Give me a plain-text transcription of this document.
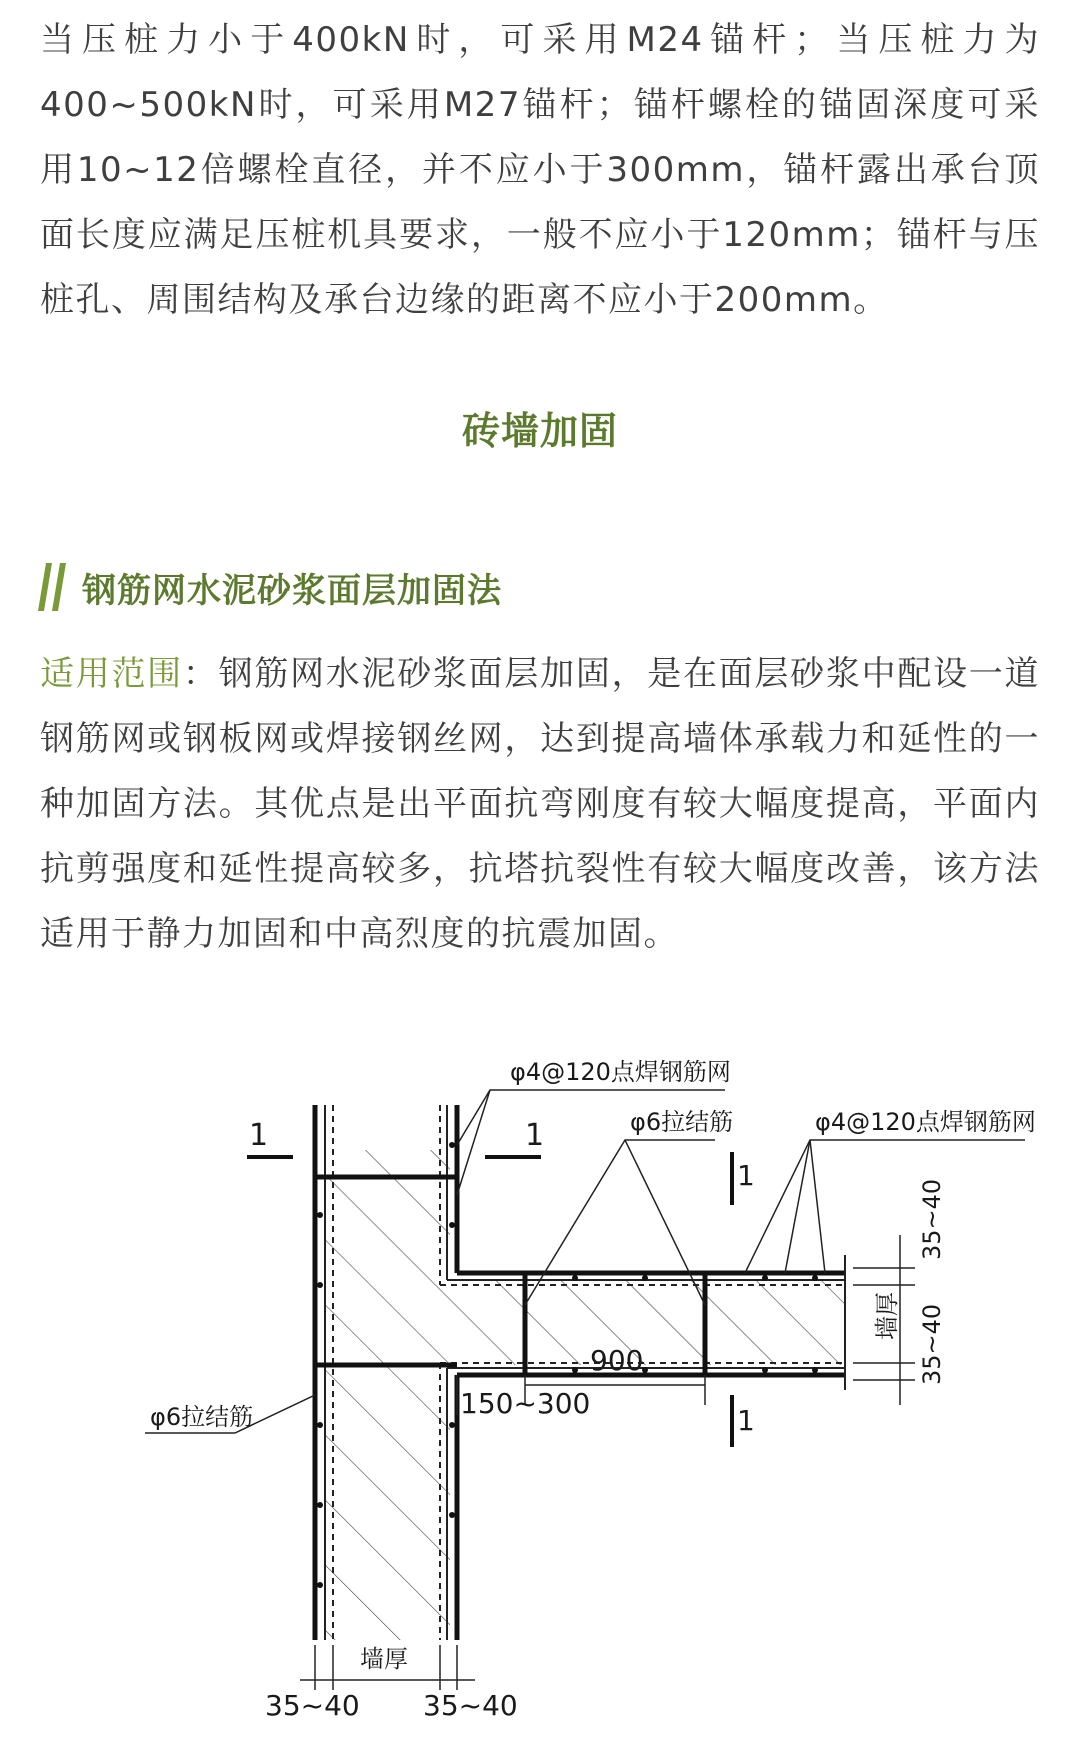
当压桩力小于400kN时，可采用M24锚杆；当压桩力为400~500kN时，可采用M27锚杆；锚杆螺栓的锚固深度可采用10~12倍螺栓直径，并不应小于300mm，锚杆露出承台顶面长度应满足压桩机具要求，一般不应小于120mm；锚杆与压桩孔、周围结构及承台边缘的距离不应小于200mm。

砖墙加固
钢筋网水泥砂浆面层加固法

适用范围：钢筋网水泥砂浆面层加固，是在面层砂浆中配设一道钢筋网或钢板网或焊接钢丝网，达到提高墙体承载力和延性的一种加固方法。其优点是出平面抗弯刚度有较大幅度提高，平面内抗剪强度和延性提高较多，抗塔抗裂性有较大幅度改善，该方法适用于静力加固和中高烈度的抗震加固。

1	1
1
1
φ4@120点焊钢筋网
φ6拉结筋	φ4@120点焊钢筋网
φ6拉结筋
900
150~300
35~40
墙厚 35~40
墙厚
35~40 35~40
